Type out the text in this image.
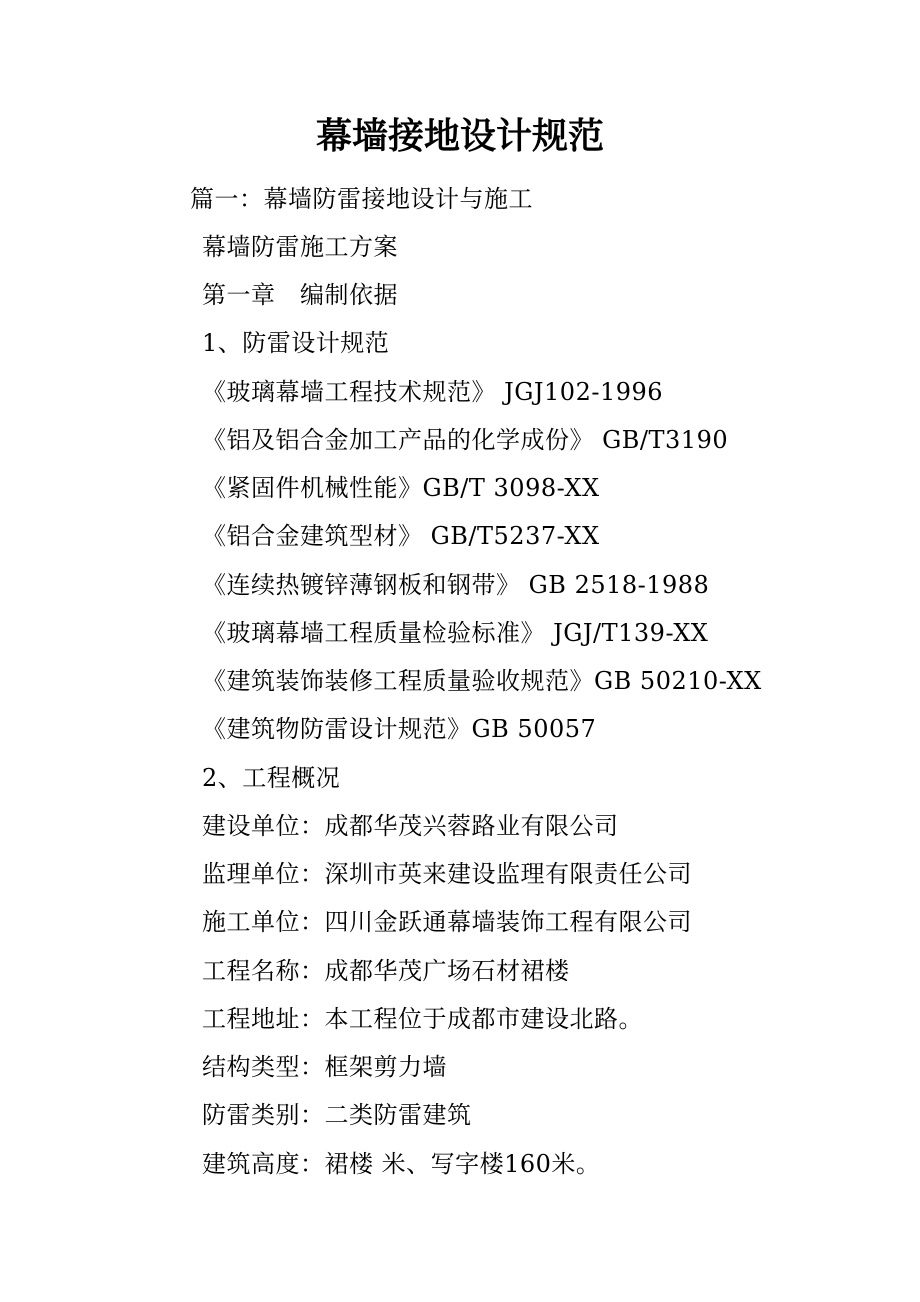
幕墙接地设计规范
篇一：幕墙防雷接地设计与施工
幕墙防雷施工方案
第一章　编制依据
1、防雷设计规范
《玻璃幕墙工程技术规范》 JGJ102-1996
《铝及铝合金加工产品的化学成份》 GB/T3190
《紧固件机械性能》GB/T 3098-XX
《铝合金建筑型材》 GB/T5237-XX
《连续热镀锌薄钢板和钢带》 GB 2518-1988
《玻璃幕墙工程质量检验标准》 JGJ/T139-XX
《建筑装饰装修工程质量验收规范》GB 50210-XX
《建筑物防雷设计规范》GB 50057
2、工程概况
建设单位：成都华茂兴蓉路业有限公司
监理单位：深圳市英来建设监理有限责任公司
施工单位：四川金跃通幕墙装饰工程有限公司
工程名称：成都华茂广场石材裙楼
工程地址：本工程位于成都市建设北路。
结构类型：框架剪力墙
防雷类别：二类防雷建筑
建筑高度：裙楼 米、写字楼160米。
